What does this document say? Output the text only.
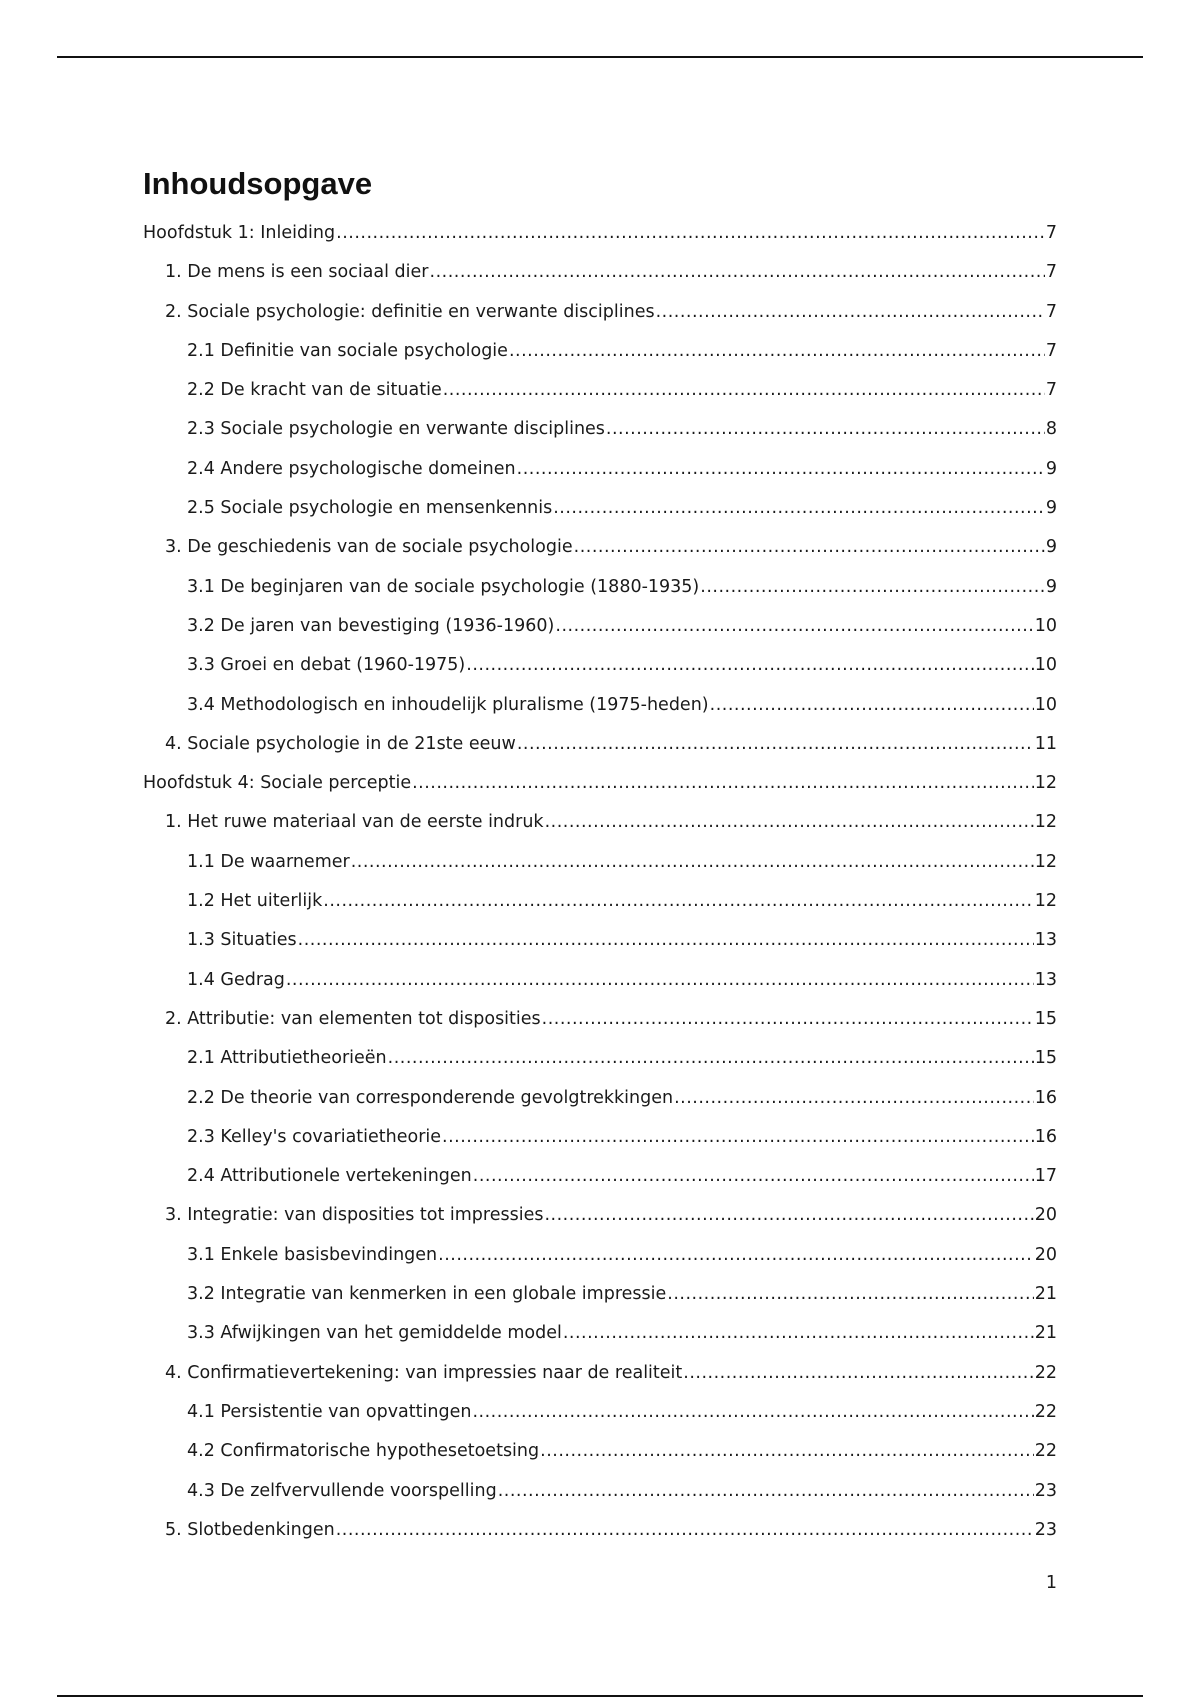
Inhoudsopgave
Hoofdstuk 1: Inleiding .....	7
1. De mens is een sociaal dier .....	7
2. Sociale psychologie: definitie en verwante disciplines .....	7
2.1 Definitie van sociale psychologie .....	7
2.2 De kracht van de situatie .....	7
2.3 Sociale psychologie en verwante disciplines .....	8
2.4 Andere psychologische domeinen .....	9
2.5 Sociale psychologie en mensenkennis .....	9
3. De geschiedenis van de sociale psychologie .....	9
3.1 De beginjaren van de sociale psychologie (1880-1935) .....	9
3.2 De jaren van bevestiging (1936-1960) .....	10
3.3 Groei en debat (1960-1975) .....	10
3.4 Methodologisch en inhoudelijk pluralisme (1975-heden) .....	10
4. Sociale psychologie in de 21ste eeuw .....	11
Hoofdstuk 4: Sociale perceptie .....	12
1. Het ruwe materiaal van de eerste indruk .....	12
1.1 De waarnemer .....	12
1.2 Het uiterlijk .....	12
1.3 Situaties .....	13
1.4 Gedrag .....	13
2. Attributie: van elementen tot disposities .....	15
2.1 Attributietheorieën .....	15
2.2 De theorie van corresponderende gevolgtrekkingen .....	16
2.3 Kelley's covariatietheorie .....	16
2.4 Attributionele vertekeningen .....	17
3. Integratie: van disposities tot impressies .....	20
3.1 Enkele basisbevindingen .....	20
3.2 Integratie van kenmerken in een globale impressie .....	21
3.3 Afwijkingen van het gemiddelde model .....	21
4. Confirmatievertekening: van impressies naar de realiteit .....	22
4.1 Persistentie van opvattingen .....	22
4.2 Confirmatorische hypothesetoetsing .....	22
4.3 De zelfvervullende voorspelling .....	23
5. Slotbedenkingen .....	23
1
